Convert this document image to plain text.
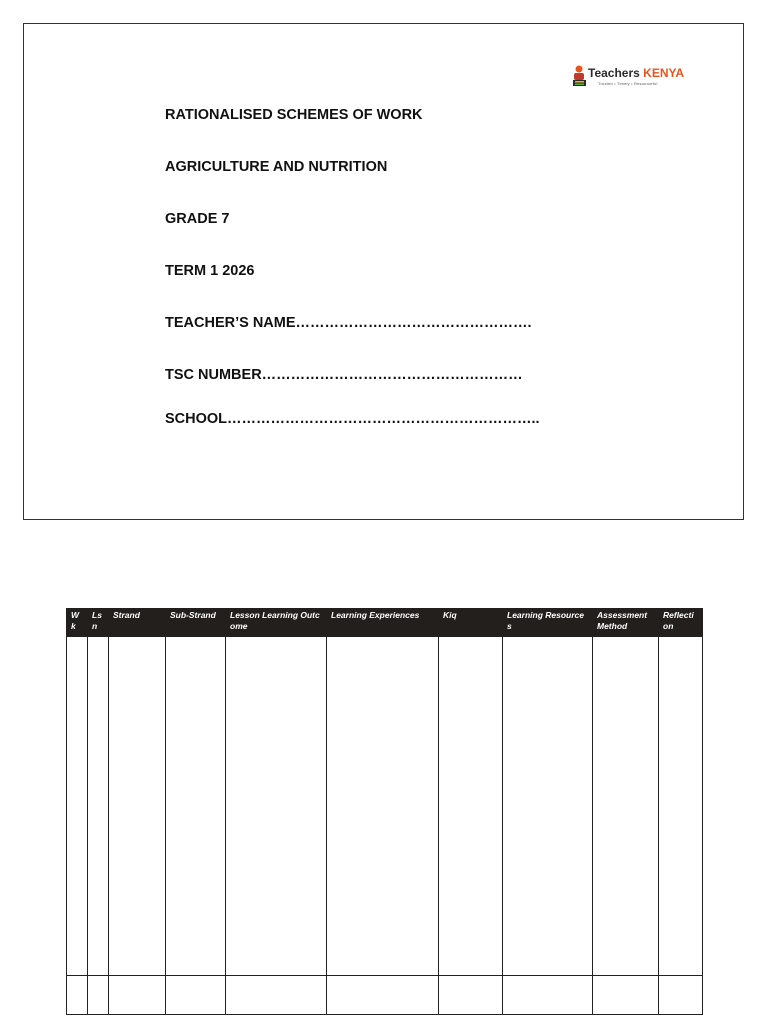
Teachers KENYA
Trusted • Timely • Resourceful
RATIONALISED SCHEMES OF WORK
AGRICULTURE AND NUTRITION
GRADE 7
TERM 1 2026
TEACHER’S NAME………………………………………….
TSC NUMBER………………………………………………
SCHOOL………………………………………………………..
W k	Ls n	Strand	Sub-Strand	Lesson Learning Outcome	Learning Experiences	Kiq	Learning Resources	Assessment Method	Reflecti on
